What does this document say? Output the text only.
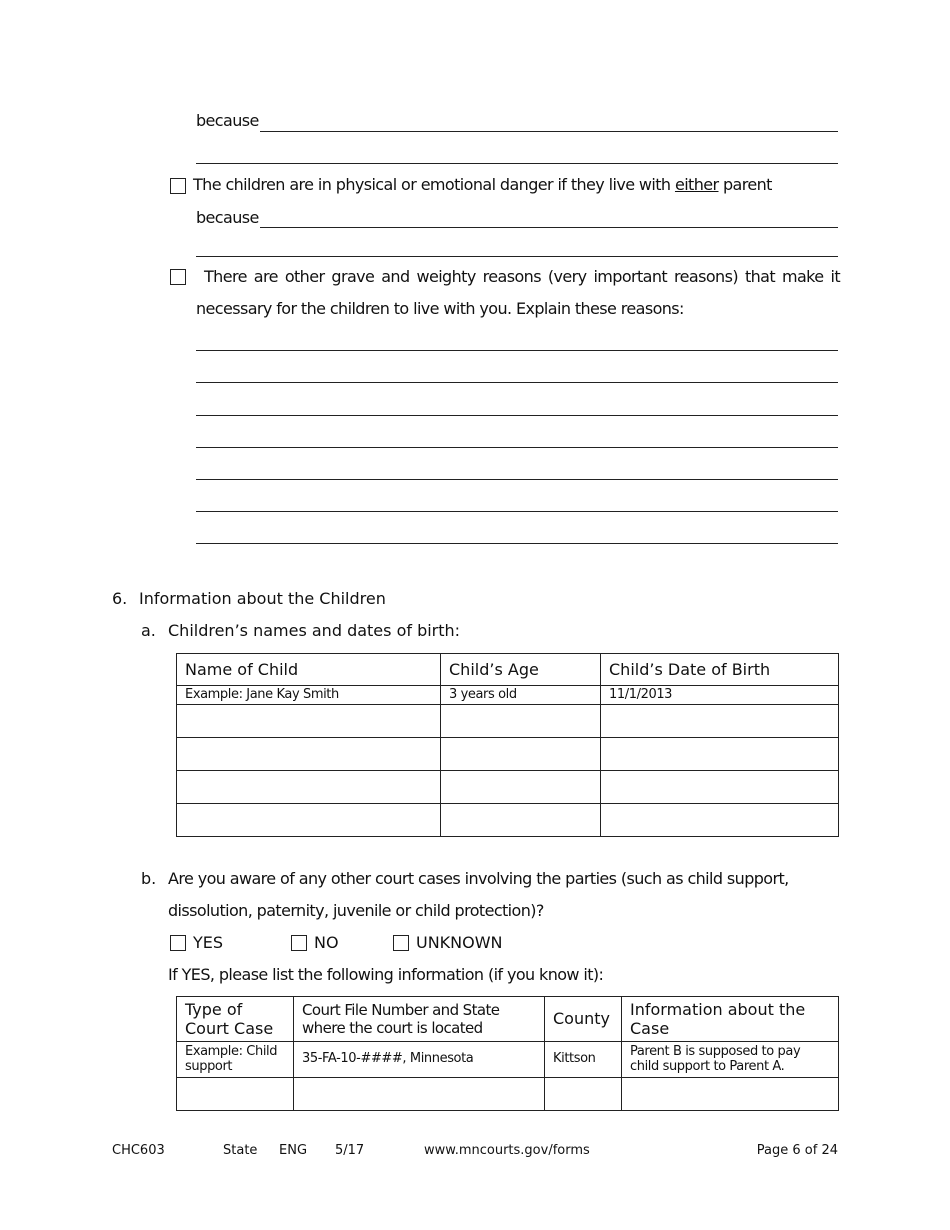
because
The children are in physical or emotional danger if they live with either parent
because
There are other grave and weighty reasons (very important reasons) that make it
necessary for the children to live with you. Explain these reasons:
6. Information about the Children
a. Children’s names and dates of birth:
Name of Child	Child’s Age	Child’s Date of Birth
Example: Jane Kay Smith	3 years old	11/1/2013

b. Are you aware of any other court cases involving the parties (such as child support,
dissolution, paternity, juvenile or child protection)?
YES	NO	UNKNOWN
If YES, please list the following information (if you know it):
Type of Court Case	Court File Number and State where the court is located	County	Information about the Case
Example: Child support	35-FA-10-####, Minnesota	Kittson	Parent B is supposed to pay child support to Parent A.

CHC603	State ENG 5/17	www.mncourts.gov/forms	Page 6 of 24
